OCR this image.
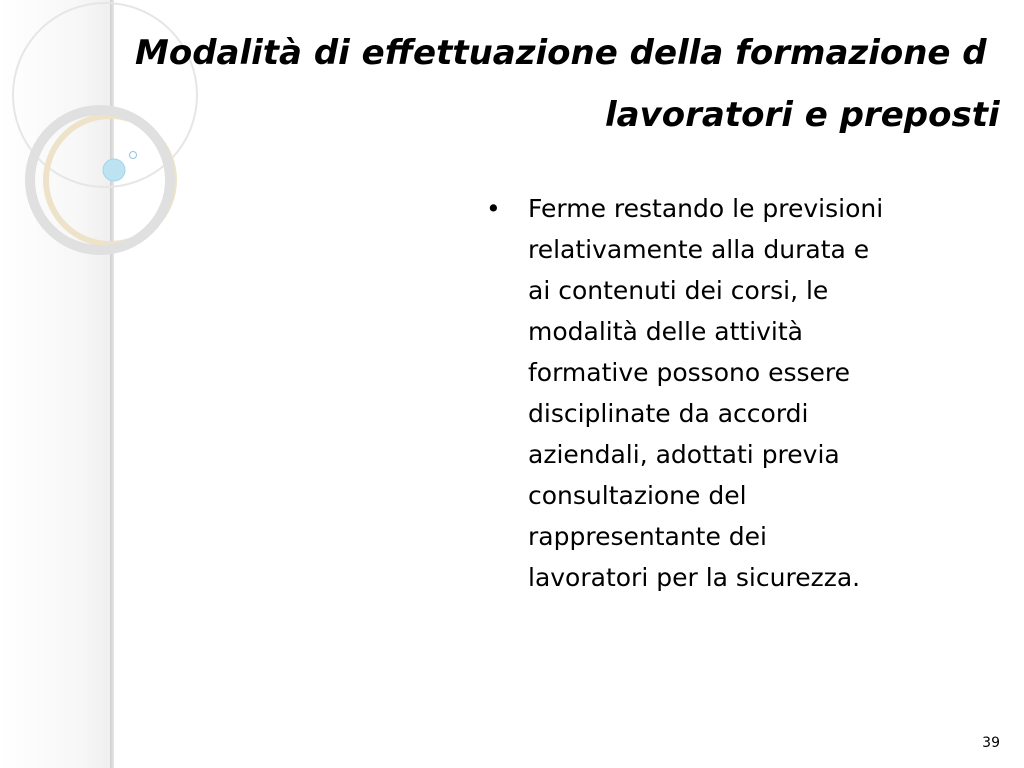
Modalità di effettuazione della formazione d
lavoratori e preposti
•	Ferme restando le previsioni
relativamente alla durata e
ai contenuti dei corsi, le
modalità delle attività
formative possono essere
disciplinate da accordi
aziendali, adottati previa
consultazione del
rappresentante dei
lavoratori per la sicurezza.
39
